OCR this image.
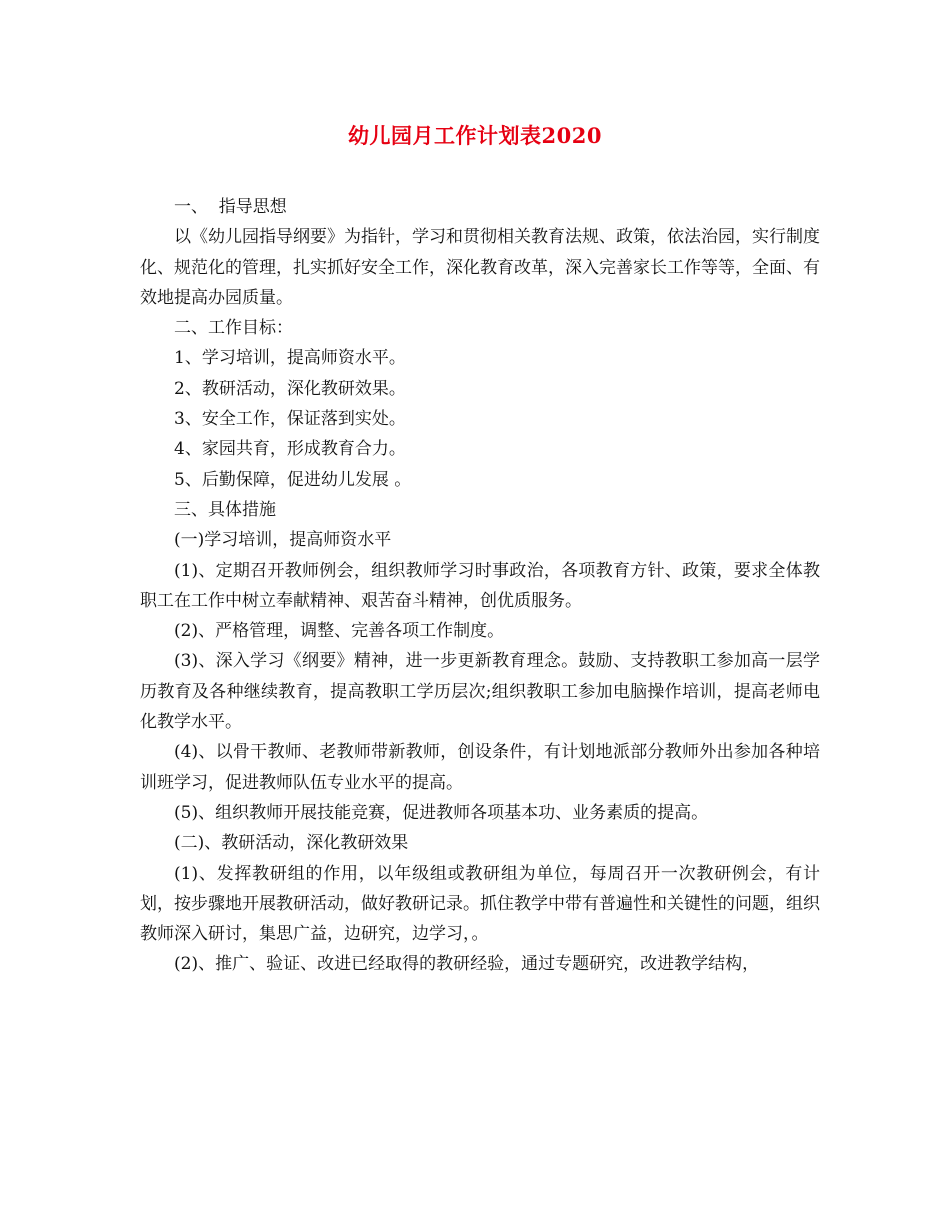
幼儿园月工作计划表2020

一、  指导思想

以《幼儿园指导纲要》为指针，学习和贯彻相关教育法规、政策，依法治园，实行制度化、规范化的管理，扎实抓好安全工作，深化教育改革，深入完善家长工作等等，全面、有效地提高办园质量。

二、工作目标：

1、学习培训，提高师资水平。

2、教研活动，深化教研效果。

3、安全工作，保证落到实处。

4、家园共育，形成教育合力。

5、后勤保障，促进幼儿发展 。

三、具体措施

(一)学习培训，提高师资水平

(1)、定期召开教师例会，组织教师学习时事政治，各项教育方针、政策，要求全体教职工在工作中树立奉献精神、艰苦奋斗精神，创优质服务。

(2)、严格管理，调整、完善各项工作制度。

(3)、深入学习《纲要》精神，进一步更新教育理念。鼓励、支持教职工参加高一层学历教育及各种继续教育，提高教职工学历层次;组织教职工参加电脑操作培训，提高老师电化教学水平。

(4)、以骨干教师、老教师带新教师，创设条件，有计划地派部分教师外出参加各种培训班学习，促进教师队伍专业水平的提高。

(5)、组织教师开展技能竞赛，促进教师各项基本功、业务素质的提高。

(二)、教研活动，深化教研效果

(1)、发挥教研组的作用，以年级组或教研组为单位，每周召开一次教研例会，有计划，按步骤地开展教研活动，做好教研记录。抓住教学中带有普遍性和关键性的问题，组织教师深入研讨，集思广益，边研究，边学习，。

(2)、推广、验证、改进已经取得的教研经验，通过专题研究，改进教学结构，
